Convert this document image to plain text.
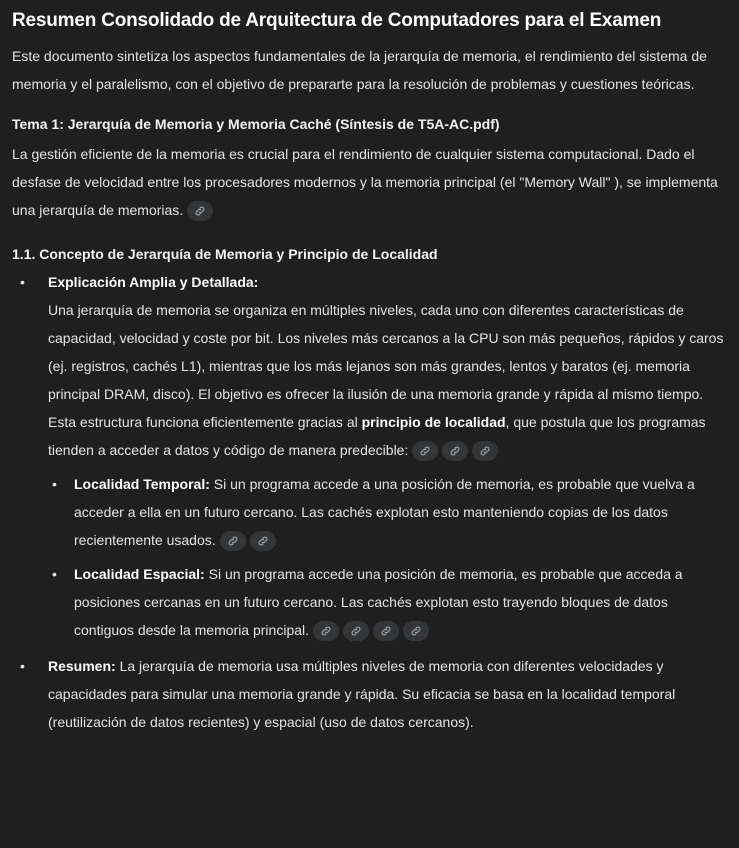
Resumen Consolidado de Arquitectura de Computadores para el Examen

Este documento sintetiza los aspectos fundamentales de la jerarquía de memoria, el rendimiento del sistema de memoria y el paralelismo, con el objetivo de prepararte para la resolución de problemas y cuestiones teóricas.

Tema 1: Jerarquía de Memoria y Memoria Caché (Síntesis de T5A-AC.pdf)

La gestión eficiente de la memoria es crucial para el rendimiento de cualquier sistema computacional. Dado el desfase de velocidad entre los procesadores modernos y la memoria principal (el "Memory Wall" ), se implementa una jerarquía de memorias.

1.1. Concepto de Jerarquía de Memoria y Principio de Localidad
• Explicación Amplia y Detallada:
Una jerarquía de memoria se organiza en múltiples niveles, cada uno con diferentes características de capacidad, velocidad y coste por bit. Los niveles más cercanos a la CPU son más pequeños, rápidos y caros (ej. registros, cachés L1), mientras que los más lejanos son más grandes, lentos y baratos (ej. memoria principal DRAM, disco). El objetivo es ofrecer la ilusión de una memoria grande y rápida al mismo tiempo.
Esta estructura funciona eficientemente gracias al principio de localidad, que postula que los programas tienden a acceder a datos y código de manera predecible:
• Localidad Temporal: Si un programa accede a una posición de memoria, es probable que vuelva a acceder a ella en un futuro cercano. Las cachés explotan esto manteniendo copias de los datos recientemente usados.
• Localidad Espacial: Si un programa accede una posición de memoria, es probable que acceda a posiciones cercanas en un futuro cercano. Las cachés explotan esto trayendo bloques de datos contiguos desde la memoria principal.
• Resumen: La jerarquía de memoria usa múltiples niveles de memoria con diferentes velocidades y capacidades para simular una memoria grande y rápida. Su eficacia se basa en la localidad temporal (reutilización de datos recientes) y espacial (uso de datos cercanos).
